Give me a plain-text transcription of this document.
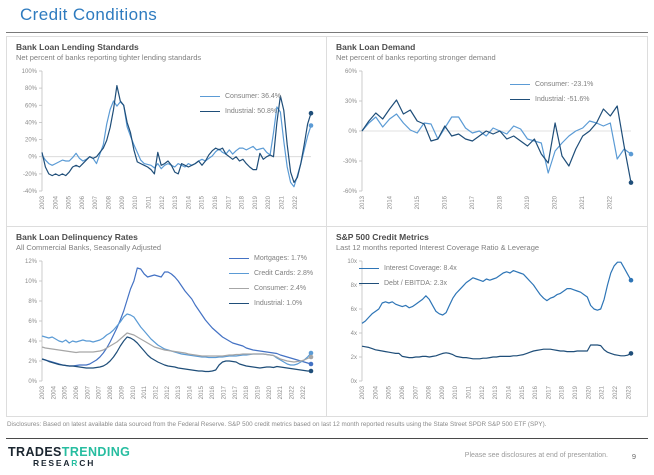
Credit Conditions
Bank Loan Lending Standards

Net percent of banks reporting tighter lending standards

Consumer: 36.4%
Industrial: 50.8%
100%
80%
60%
40%
20%
0%
-20%
-40%
2003 2004 2005 2006 2007 2008 2009 2010 2011 2012 2013 2014 2015 2016 2017 2018 2019 2020 2021 2022
Bank Loan Demand

Net percent of banks reporting stronger demand

Consumer: -23.1%
Industrial: -51.6%
60%
30%
0%
-30%
-60%
2013	2014	2015	2016	2017	2018	2019	2020	2021	2022
Bank Loan Delinquency Rates

All Commercial Banks, Seasonally Adjusted

Mortgages: 1.7%
Credit Cards: 2.8%
Consumer: 2.4%
Industrial: 1.0%
12%
10%
8%
6%
4%
2%
0%
2003 2004 2005 2006 2007 2007 2008 2009 2010 2011 2012 2012 2013 2014 2015 2016 2017 2017 2018 2019 2020 2021 2022 2022
S&P 500 Credit Metrics

Last 12 months reported Interest Coverage Ratio & Leverage

Interest Coverage: 8.4x
Debt / EBITDA: 2.3x
10x
8x
6x
4x
2x
0x
2003 2004 2005 2006 2007 2008 2009 2010 2011 2012 2013 2014 2015 2016 2017 2018 2019 2020 2021 2022 2023
Disclosures: Based on latest available data sourced from the Federal Reserve. S&P 500 credit metrics based on last 12 month reported results using the State Street SPDR S&P 500 ETF (SPY).
TRADESTRENDING
RESEARCH
Please see disclosures at end of presentation.	9
